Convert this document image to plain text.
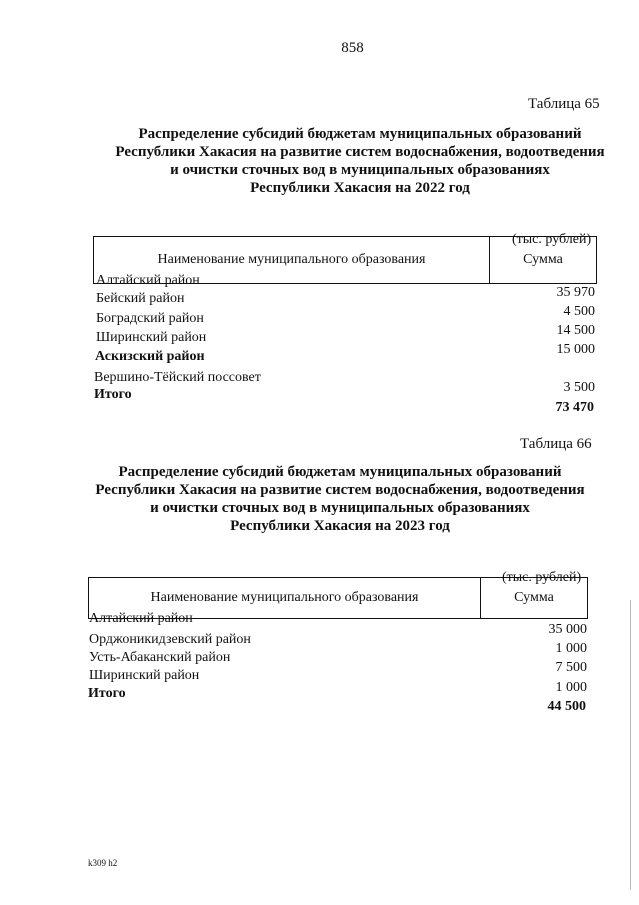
858
Таблица 65
Распределение субсидий бюджетам муниципальных образований
Республики Хакасия на развитие систем водоснабжения, водоотведения
и очистки сточных вод в муниципальных образованиях
Республики Хакасия на 2022 год
(тыс. рублей)
Наименование муниципального образования	Сумма
Алтайский район
Бейский район
Боградский район
Ширинский район
Аскизский район
Вершино-Тёйский поссовет
Итого
35 970
4 500
14 500
15 000
3 500
73 470
Таблица 66
Распределение субсидий бюджетам муниципальных образований
Республики Хакасия на развитие систем водоснабжения, водоотведения
и очистки сточных вод в муниципальных образованиях
Республики Хакасия на 2023 год
(тыс. рублей)
Наименование муниципального образования	Сумма
Алтайский район
Орджоникидзевский район
Усть-Абаканский район
Ширинский район
Итого
35 000
1 000
7 500
1 000
44 500
k309 h2
